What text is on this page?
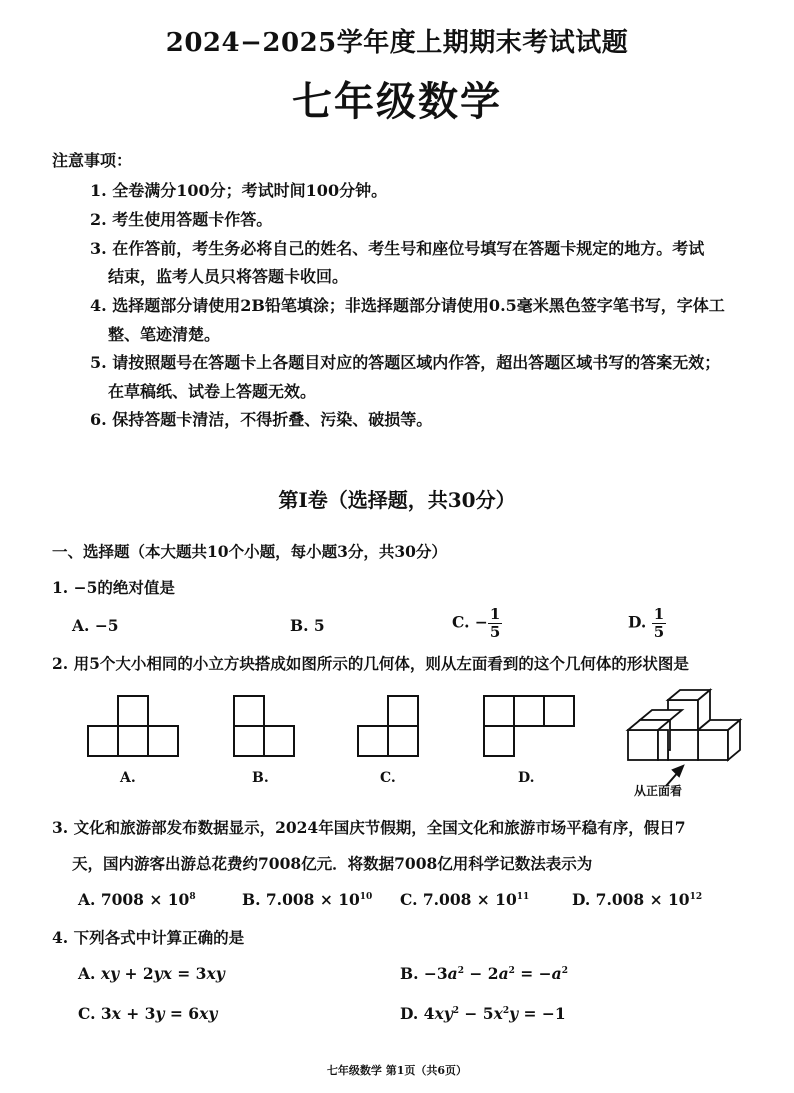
2024−2025学年度上期期末考试试题
七年级数学
注意事项：
1. 全卷满分100分；考试时间100分钟。
2. 考生使用答题卡作答。
3. 在作答前，考生务必将自己的姓名、考生号和座位号填写在答题卡规定的地方。考试
结束，监考人员只将答题卡收回。
4. 选择题部分请使用2B铅笔填涂；非选择题部分请使用0.5毫米黑色签字笔书写，字体工
整、笔迹清楚。
5. 请按照题号在答题卡上各题目对应的答题区域内作答，超出答题区域书写的答案无效；
在草稿纸、试卷上答题无效。
6. 保持答题卡清洁，不得折叠、污染、破损等。
第Ⅰ卷（选择题，共30分）
一、选择题（本大题共10个小题，每小题3分，共30分）
1. −5的绝对值是
A. −5	B. 5	C. − $\frac{1}{5}$	D. $\frac{1}{5}$
2. 用5个大小相同的小立方块搭成如图所示的几何体，则从左面看到的这个几何体的形状图是
A.	B.	C.	D.
从正面看
3. 文化和旅游部发布数据显示，2024年国庆节假期，全国文化和旅游市场平稳有序，假日7
天，国内游客出游总花费约7008亿元．将数据7008亿用科学记数法表示为
A. $7008 \times 10^8$	B. $7.008 \times 10^{10}$ C. $7.008 \times 10^{11}$	D. $7.008 \times 10^{12}$
4. 下列各式中计算正确的是
A. xy + 2yx = 3xy	B. $-3a^2 - 2a^2 = -a^2$
C. 3x + 3y = 6xy	D. $4xy^2 - 5x^2y = -1$
七年级数学 第1页（共6页）
